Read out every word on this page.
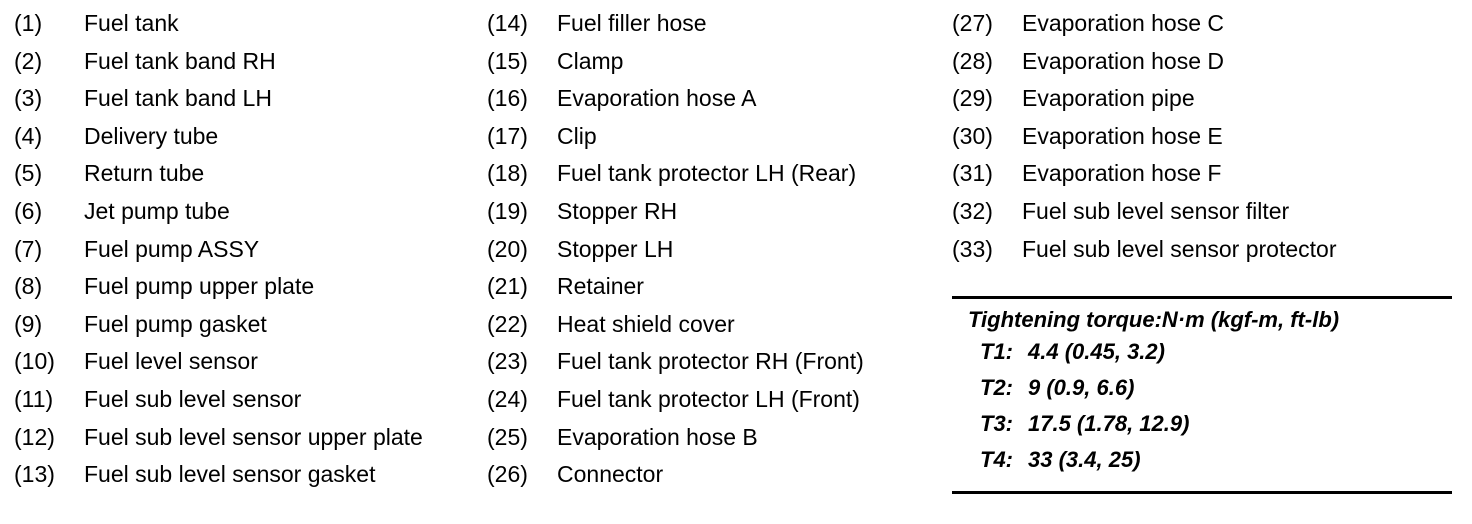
(1)	Fuel tank
(2)	Fuel tank band RH
(3)	Fuel tank band LH
(4)	Delivery tube
(5)	Return tube
(6)	Jet pump tube
(7)	Fuel pump ASSY
(8)	Fuel pump upper plate
(9)	Fuel pump gasket
(10)	Fuel level sensor
(11)	Fuel sub level sensor
(12)	Fuel sub level sensor upper plate
(13)	Fuel sub level sensor gasket
(14)	Fuel filler hose
(15)	Clamp
(16)	Evaporation hose A
(17)	Clip
(18)	Fuel tank protector LH (Rear)
(19)	Stopper RH
(20)	Stopper LH
(21)	Retainer
(22)	Heat shield cover
(23)	Fuel tank protector RH (Front)
(24)	Fuel tank protector LH (Front)
(25)	Evaporation hose B
(26)	Connector
(27)	Evaporation hose C
(28)	Evaporation hose D
(29)	Evaporation pipe
(30)	Evaporation hose E
(31)	Evaporation hose F
(32)	Fuel sub level sensor filter
(33)	Fuel sub level sensor protector
Tightening torque:N·m (kgf-m, ft-lb)
T1: 4.4 (0.45, 3.2)
T2: 9 (0.9, 6.6)
T3: 17.5 (1.78, 12.9)
T4: 33 (3.4, 25)
